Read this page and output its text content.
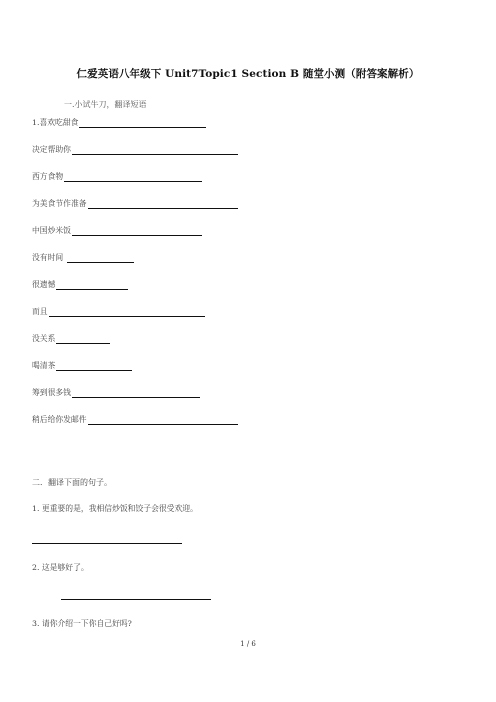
仁爱英语八年级下 Unit7Topic1 Section B 随堂小测（附答案解析）
一.小试牛刀，翻译短语
1.喜欢吃甜食
决定帮助你
西方食物
为美食节作准备
中国炒米饭
没有时间
很遗憾
而且
没关系
喝清茶
筹到很多钱
稍后给你发邮件
二．翻译下面的句子。
1. 更重要的是，我相信炒饭和饺子会很受欢迎。
2. 这是够好了。
3. 请你介绍一下你自己好吗?
1 / 6
